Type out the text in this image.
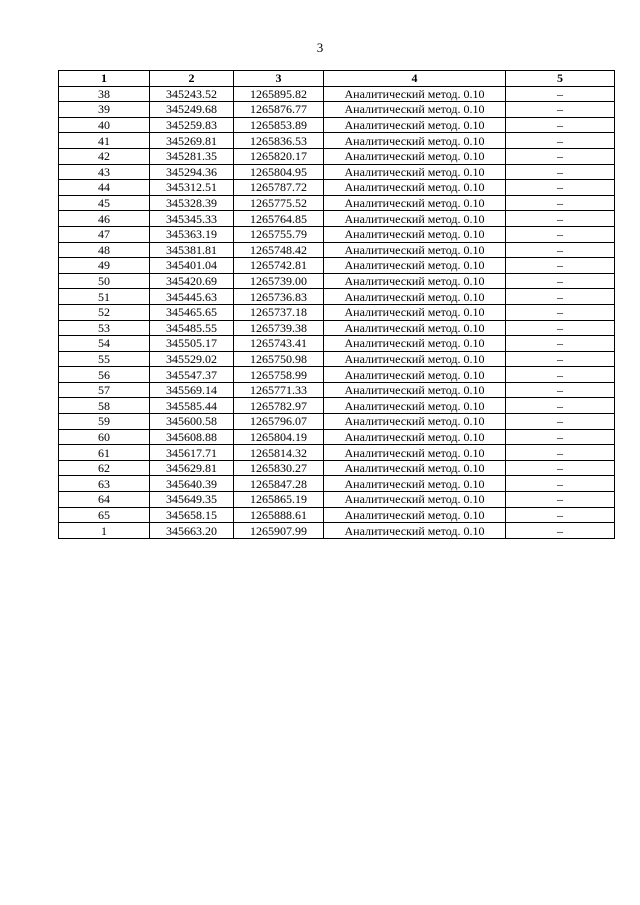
3
1	2	3	4	5
38	345243.52	1265895.82	Аналитический метод. 0.10	–
39	345249.68	1265876.77	Аналитический метод. 0.10	–
40	345259.83	1265853.89	Аналитический метод. 0.10	–
41	345269.81	1265836.53	Аналитический метод. 0.10	–
42	345281.35	1265820.17	Аналитический метод. 0.10	–
43	345294.36	1265804.95	Аналитический метод. 0.10	–
44	345312.51	1265787.72	Аналитический метод. 0.10	–
45	345328.39	1265775.52	Аналитический метод. 0.10	–
46	345345.33	1265764.85	Аналитический метод. 0.10	–
47	345363.19	1265755.79	Аналитический метод. 0.10	–
48	345381.81	1265748.42	Аналитический метод. 0.10	–
49	345401.04	1265742.81	Аналитический метод. 0.10	–
50	345420.69	1265739.00	Аналитический метод. 0.10	–
51	345445.63	1265736.83	Аналитический метод. 0.10	–
52	345465.65	1265737.18	Аналитический метод. 0.10	–
53	345485.55	1265739.38	Аналитический метод. 0.10	–
54	345505.17	1265743.41	Аналитический метод. 0.10	–
55	345529.02	1265750.98	Аналитический метод. 0.10	–
56	345547.37	1265758.99	Аналитический метод. 0.10	–
57	345569.14	1265771.33	Аналитический метод. 0.10	–
58	345585.44	1265782.97	Аналитический метод. 0.10	–
59	345600.58	1265796.07	Аналитический метод. 0.10	–
60	345608.88	1265804.19	Аналитический метод. 0.10	–
61	345617.71	1265814.32	Аналитический метод. 0.10	–
62	345629.81	1265830.27	Аналитический метод. 0.10	–
63	345640.39	1265847.28	Аналитический метод. 0.10	–
64	345649.35	1265865.19	Аналитический метод. 0.10	–
65	345658.15	1265888.61	Аналитический метод. 0.10	–
1	345663.20	1265907.99	Аналитический метод. 0.10	–
